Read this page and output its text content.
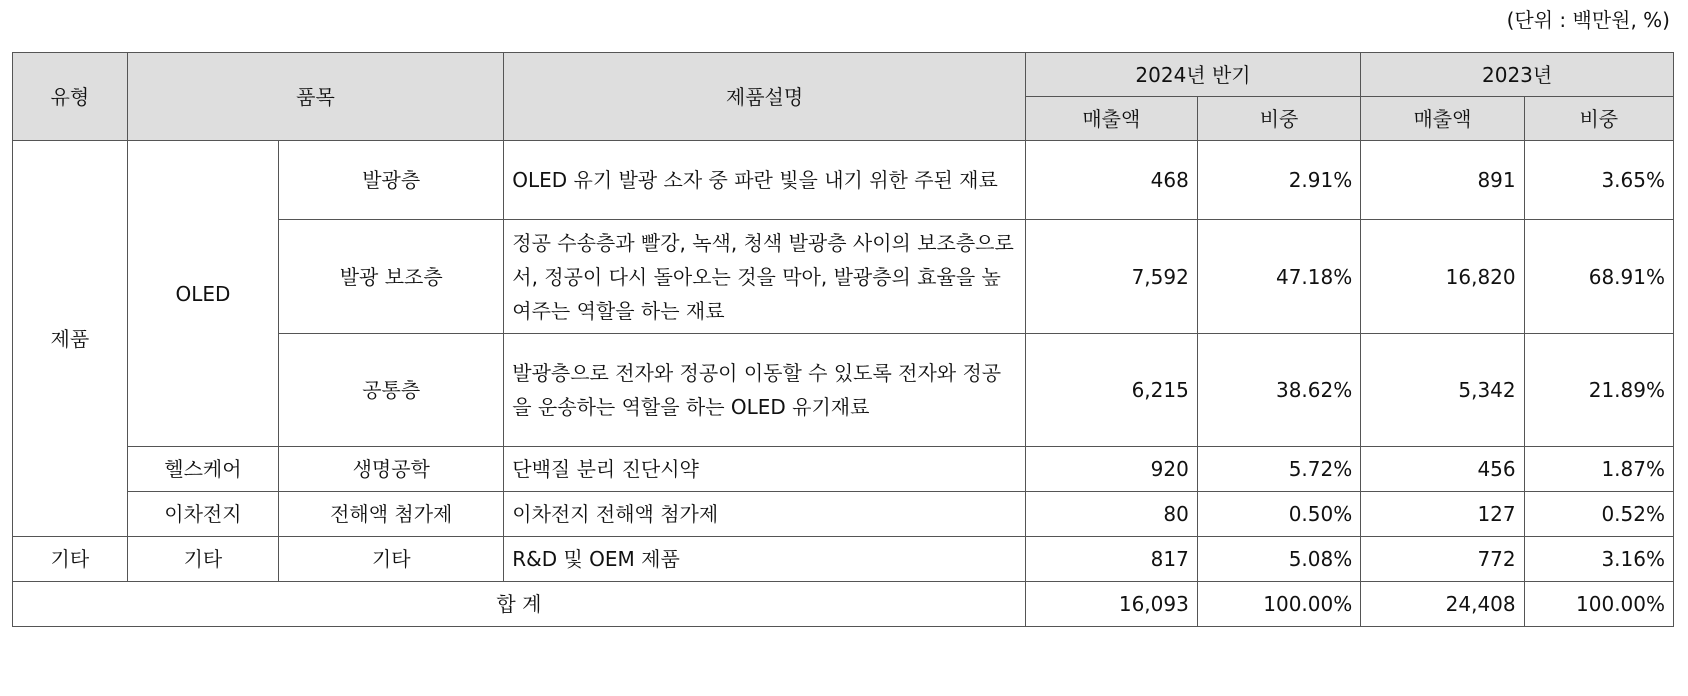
(단위 : 백만원, %)
유형	품목		제품설명	2024년 반기		2023년	
				매출액	비중	매출액	비중
제품	OLED	발광층	OLED 유기 발광 소자 중 파란 빛을 내기 위한 주된 재료	468	2.91%	891	3.65%
		발광 보조층	정공 수송층과 빨강, 녹색, 청색 발광층 사이의 보조층으로서, 정공이 다시 돌아오는 것을 막아, 발광층의 효율을 높여주는 역할을 하는 재료	7,592	47.18%	16,820	68.91%
		공통층	발광층으로 전자와 정공이 이동할 수 있도록 전자와 정공을 운송하는 역할을 하는 OLED 유기재료	6,215	38.62%	5,342	21.89%
	헬스케어	생명공학	단백질 분리 진단시약	920	5.72%	456	1.87%
	이차전지	전해액 첨가제	이차전지 전해액 첨가제	80	0.50%	127	0.52%
기타	기타	기타	R&D 및 OEM 제품	817	5.08%	772	3.16%
합 계				16,093	100.00%	24,408	100.00%
